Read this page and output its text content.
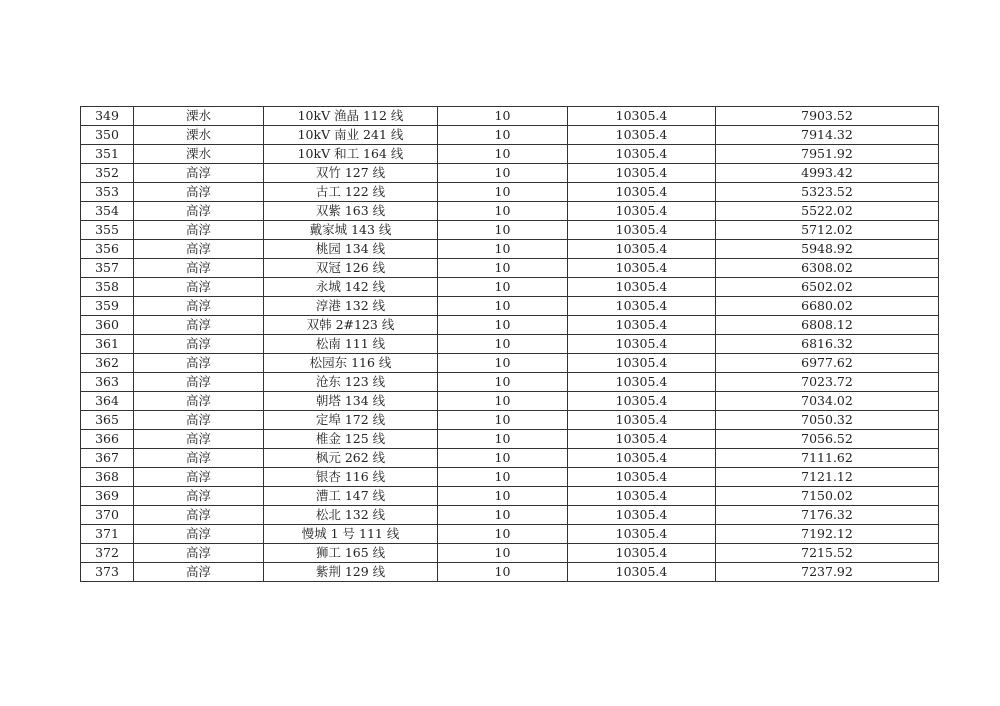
349	溧水	10kV 渔晶 112 线	10	10305.4	7903.52
350	溧水	10kV 南业 241 线	10	10305.4	7914.32
351	溧水	10kV 和工 164 线	10	10305.4	7951.92
352	高淳	双竹 127 线	10	10305.4	4993.42
353	高淳	古工 122 线	10	10305.4	5323.52
354	高淳	双紫 163 线	10	10305.4	5522.02
355	高淳	戴家城 143 线	10	10305.4	5712.02
356	高淳	桃园 134 线	10	10305.4	5948.92
357	高淳	双冠 126 线	10	10305.4	6308.02
358	高淳	永城 142 线	10	10305.4	6502.02
359	高淳	淳港 132 线	10	10305.4	6680.02
360	高淳	双韩 2#123 线	10	10305.4	6808.12
361	高淳	松南 111 线	10	10305.4	6816.32
362	高淳	松园东 116 线	10	10305.4	6977.62
363	高淳	沧东 123 线	10	10305.4	7023.72
364	高淳	朝塔 134 线	10	10305.4	7034.02
365	高淳	定埠 172 线	10	10305.4	7050.32
366	高淳	椎金 125 线	10	10305.4	7056.52
367	高淳	枫元 262 线	10	10305.4	7111.62
368	高淳	银杏 116 线	10	10305.4	7121.12
369	高淳	漕工 147 线	10	10305.4	7150.02
370	高淳	松北 132 线	10	10305.4	7176.32
371	高淳	慢城 1 号 111 线	10	10305.4	7192.12
372	高淳	狮工 165 线	10	10305.4	7215.52
373	高淳	紫荆 129 线	10	10305.4	7237.92
